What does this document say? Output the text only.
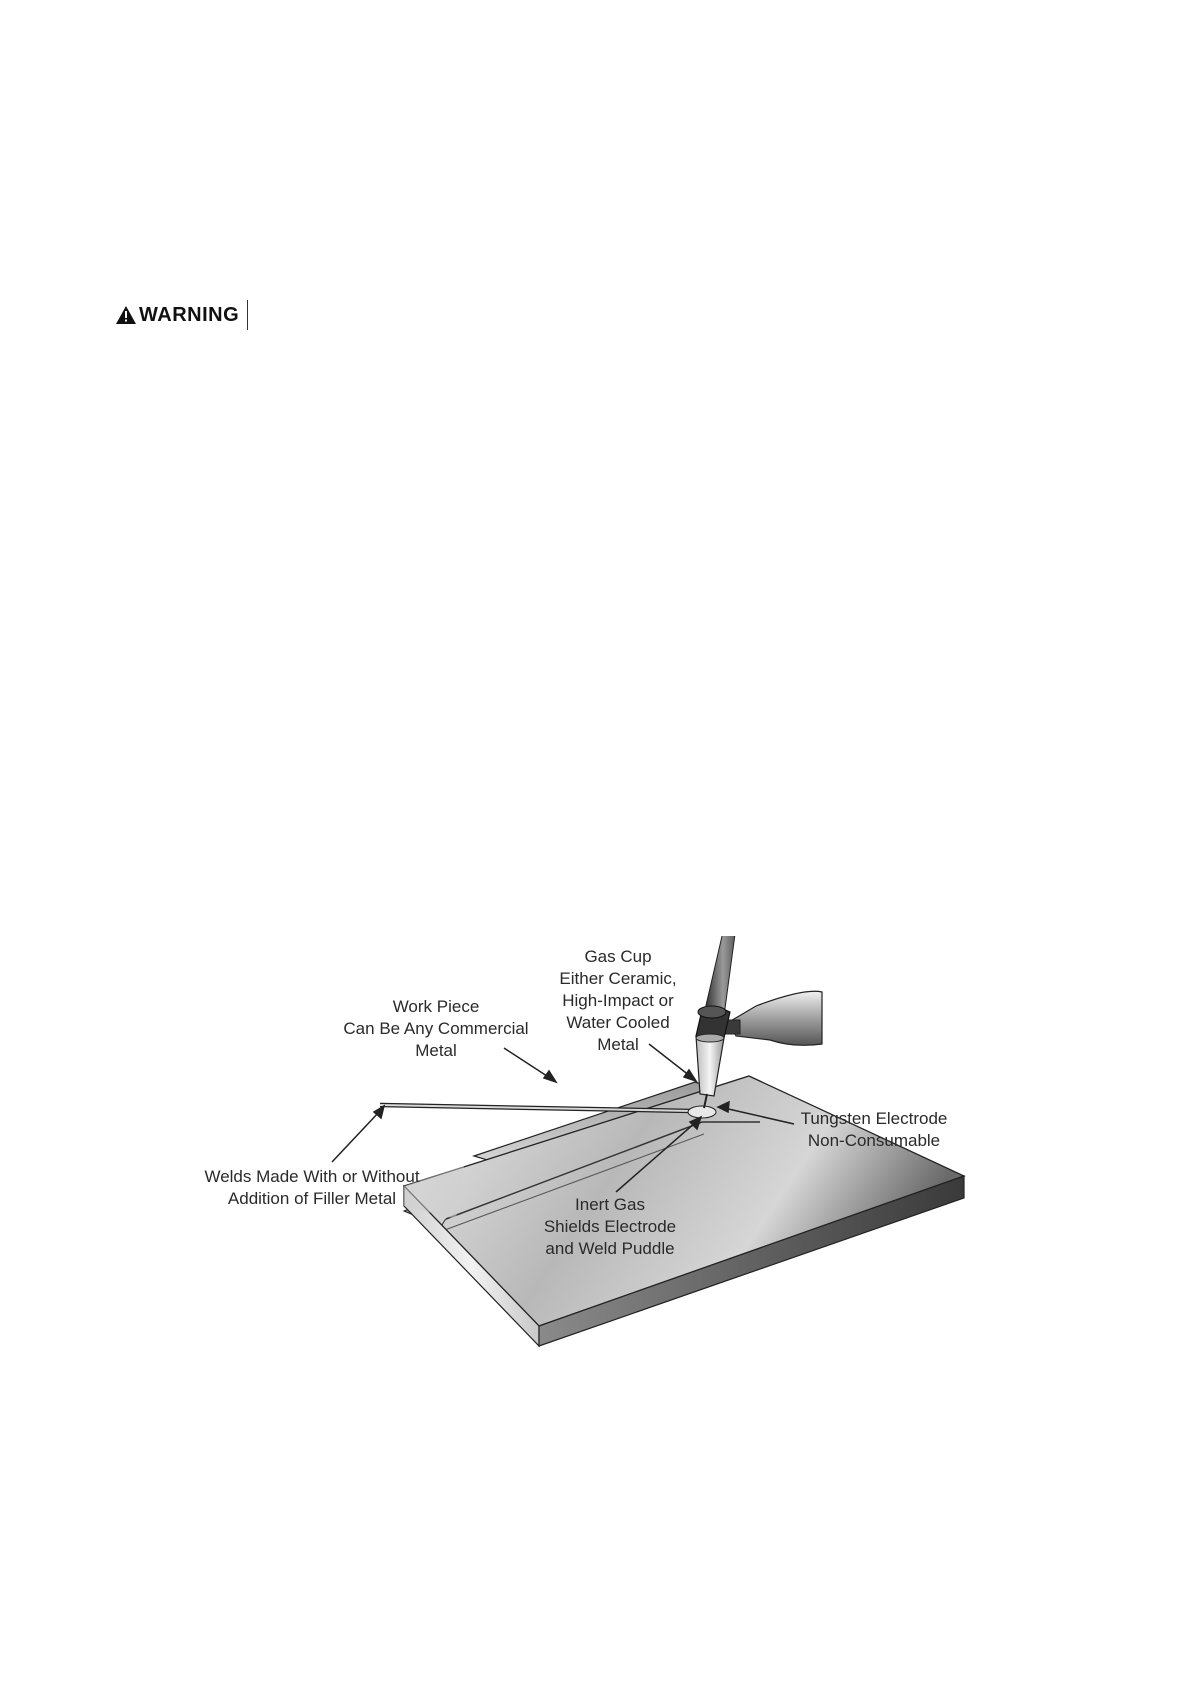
WARNING
Work Piece
Can Be Any Commercial
Metal
Gas Cup
Either Ceramic,
High-Impact or
Water Cooled
Metal
Tungsten Electrode
Non-Consumable
Welds Made With or Without
Addition of Filler Metal	Inert Gas
Shields Electrode
and Weld Puddle
